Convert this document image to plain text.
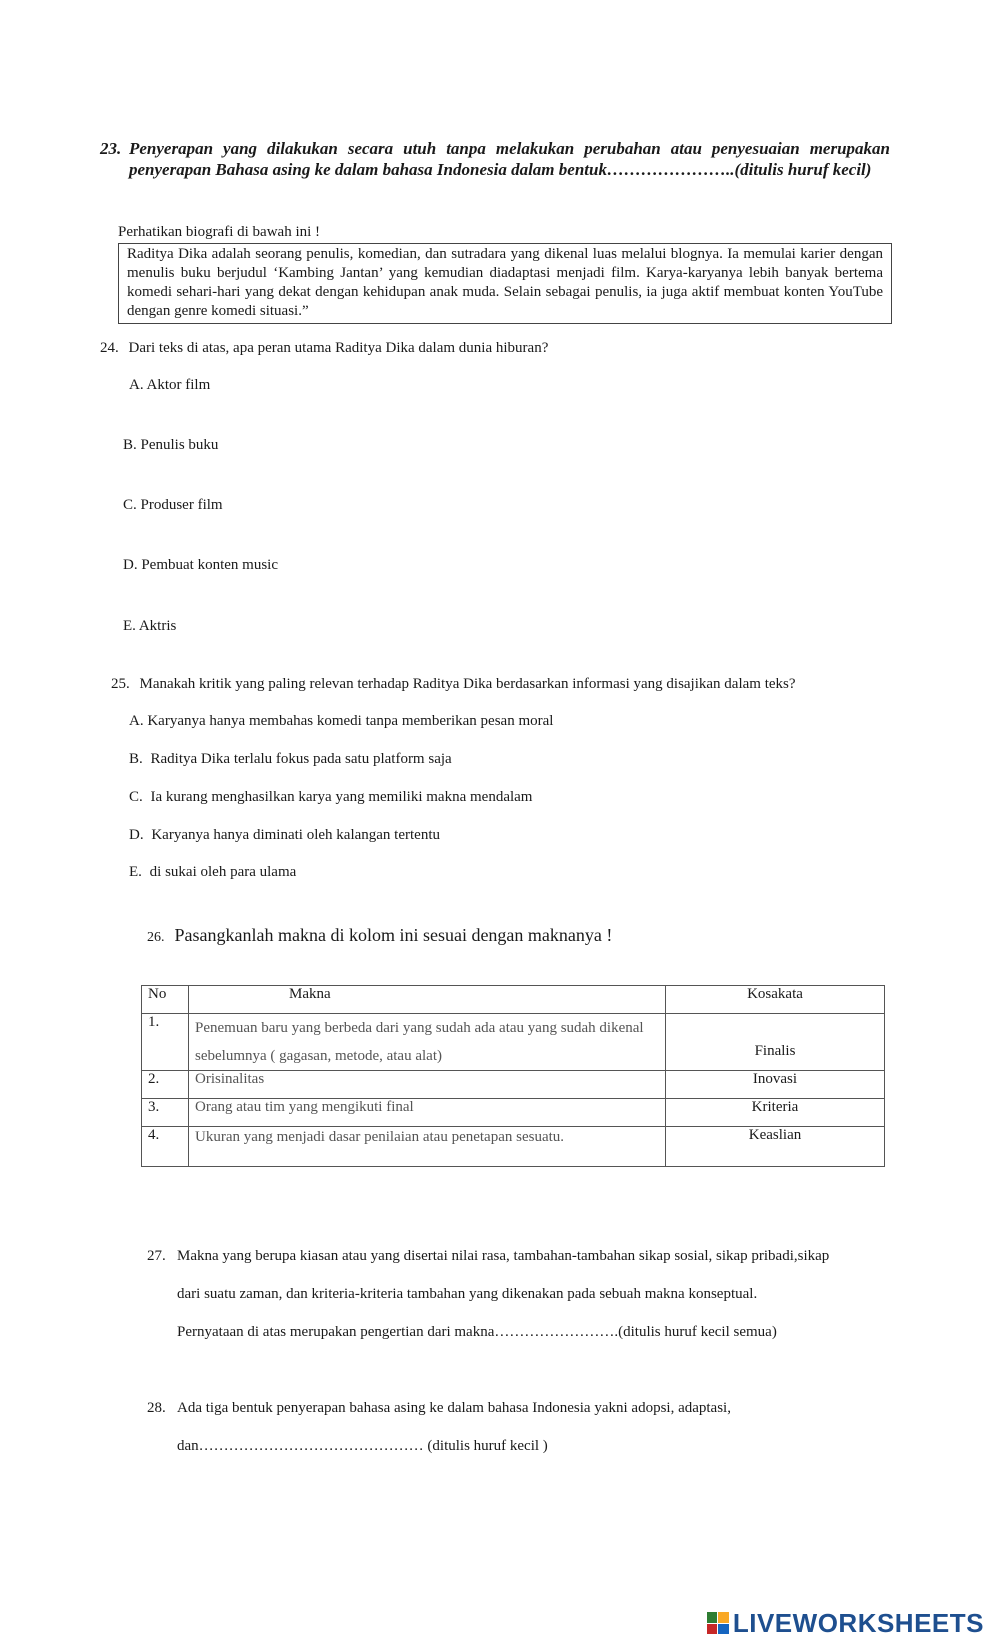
23. Penyerapan yang dilakukan secara utuh tanpa melakukan perubahan atau penyesuaian merupakan penyerapan Bahasa asing ke dalam bahasa Indonesia dalam bentuk…………………..(ditulis huruf kecil)
Perhatikan biografi di bawah ini !
Raditya Dika adalah seorang penulis, komedian, dan sutradara yang dikenal luas melalui blognya. Ia memulai karier dengan menulis buku berjudul ‘Kambing Jantan’ yang kemudian diadaptasi menjadi film. Karya-karyanya lebih banyak bertema komedi sehari-hari yang dekat dengan kehidupan anak muda. Selain sebagai penulis, ia juga aktif membuat konten YouTube dengan genre komedi situasi.”
24. Dari teks di atas, apa peran utama Raditya Dika dalam dunia hiburan?
A. Aktor film
B. Penulis buku
C. Produser film
D. Pembuat konten music
E. Aktris
25. Manakah kritik yang paling relevan terhadap Raditya Dika berdasarkan informasi yang disajikan dalam teks?
A. Karyanya hanya membahas komedi tanpa memberikan pesan moral
B. Raditya Dika terlalu fokus pada satu platform saja
C. Ia kurang menghasilkan karya yang memiliki makna mendalam
D. Karyanya hanya diminati oleh kalangan tertentu
E. di sukai oleh para ulama
26. Pasangkanlah makna di kolom ini sesuai dengan maknanya !
No	Makna	Kosakata
1.	Penemuan baru yang berbeda dari yang sudah ada atau yang sudah dikenal sebelumnya ( gagasan, metode, atau alat)	Finalis
2.	Orisinalitas	Inovasi
3.	Orang atau tim yang mengikuti final	Kriteria
4.	Ukuran yang menjadi dasar penilaian atau penetapan sesuatu.	Keaslian
27. Makna yang berupa kiasan atau yang disertai nilai rasa, tambahan-tambahan sikap sosial, sikap pribadi,sikap dari suatu zaman, dan kriteria-kriteria tambahan yang dikenakan pada sebuah makna konseptual.
Pernyataan di atas merupakan pengertian dari makna…………………….(ditulis huruf kecil semua)
28. Ada tiga bentuk penyerapan bahasa asing ke dalam bahasa Indonesia yakni adopsi, adaptasi,
dan……………………………………… (ditulis huruf kecil )
LIVEWORKSHEETS
